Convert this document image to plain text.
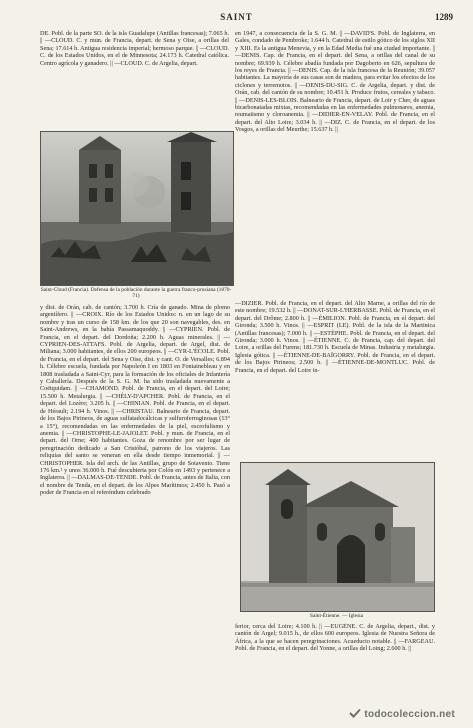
SAINT	1289

DE. Pobl. de la parte SO. de la isla Guadalupe (Antillas francesas); 7.065 h. || —CLOUD. C. y mun. de Francia, depart. de Sena y Oise, a orillas del Sena; 17.614 h. Antigua residencia imperial; hermoso parque. || —CLOUD. C. de los Estados Unidos, en el de Minnesota; 24.173 h. Catedral católica. Centro agrícola y ganadero. || —CLOUD. C. de Argelia, depart.

en 1947, a consecuencia de la S. G. M. || —DAVID'S. Pobl. de Inglaterra, en Gales, condado de Pembroke; 1.644 h. Catedral de estilo gótico de los siglos XII y XIII. Es la antigua Menevia, y en la Edad Media fué una ciudad importante. || —DENIS. Cap. de Francia, en el depart. del Sena, a orillas del canal de su nombre; 69.939 h. Célebre abadía fundada por Dagoberto en 626, sepultura de los reyes de Francia. || —DENIS. Cap. de la isla francesa de la Reunión; 39.057 habitantes. La mayoría de sus casas son de madera, para evitar los efectos de los ciclones y terremotos. || —DENIS-DU-SIG. C. de Argelia, depart. y dist. de Orán, cab. del cantón de su nombre; 10.451 h. Produce frutos, cereales y tabaco. || —DENIS-LES-BLOIS. Balneario de Francia, depart. de Loir y Cher, de aguas bicarbonatadas mixtas, recomendadas en las enfermedades pulmonares, anemia, reumatismo y cloroanemia. || —DIDIER-EN-VELAY. Pobl. de Francia, en el depart. del Alto Loire; 3.034 h. || —DIZ. C. de Francia, en el depart. de los Vosgos, a orillas del Meurthe; 15.637 h. ||

Saint-Cloud (Francia). Defensa de la población durante la guerra franco-prusiana (1870-71)

y dist. de Orán, cab. de cantón; 3.700 h. Cría de ganado. Mina de plomo argentífero. || —CROIX. Río de los Estados Unidos: n. en un lago de su nombre y tras un curso de 158 km. de los que 20 son navegables, des. en Saint-Andrews, en la bahía Passamaquoddy. || —CYPRIEN. Pobl. de Francia, en el depart. del Dordoña; 2.200 h. Aguas minerales. || —CYPRIEN-DES-ATTAFS. Pobl. de Argelia, depart. de Argel, dist. de Miliana; 3.000 habitantes, de ellos 200 europeos. || —CYR-L'ÉCOLE. Pobl. de Francia, en el depart. del Sena y Oise, dist. y cant. O. de Versalles; 6.894 h. Célebre escuela, fundada por Napoleón I en 1803 en Fontainebleau y en 1808 trasladada a Saint-Cyr, para la formación de los oficiales de Infantería y Caballería. Después de la S. G. M. ha sido trasladada nuevamente a Coëtquidam. || —CHAMOND. Pobl. de Francia, en el depart. del Loire; 15.500 h. Metalurgia. || —CHÉLY-D'APCHER. Pobl. de Francia, en el depart. del Lozère; 3.205 h. || —CHINIAN. Pobl. de Francia, en el depart. de Hérault; 2.194 h. Vinos. || —CHRISTAU. Balneario de Francia, depart. de los Bajos Pirineos, de aguas sulfatadocálcicas y sulfuroferruginosas (13° a 15°), recomendadas en las enfermedades de la piel, escrofulismo y anemia. || —CHRISTOPHE-LE-JAJOLET. Pobl. y mun. de Francia, en el depart. del Orne; 400 habitantes. Goza de renombre por ser lugar de peregrinación dedicado a San Cristóbal, patrono de los viajeros. Las reliquias del santo se veneran en ella desde tiempo inmemorial. || —CHRISTOPHER. Isla del arch. de las Antillas, grupo de Sotavento. Tiene 176 km.² y unos 36.000 h. Fué descubierta por Colón en 1493 y pertenece a Inglaterra. || —DALMAS-DE-TENDE. Pobl. de Francia, antes de Italia, con el nombre de Tenda, en el depart. de los Alpes Marítimos; 2.450 h. Pasó a poder de Francia en el referéndum celebrado

—DIZIER. Pobl. de Francia, en el depart. del Alto Marne, a orillas del río de este nombre; 19.532 h. || —DONAT-SUR-L'HERBASSE. Pobl. de Francia, en el depart. del Drôme; 2.800 h. || —ÉMILION. Pobl. de Francia, en el depart. del Gironda; 3.500 h. Vinos. || —ESPRIT (LE). Pobl. de la isla de la Martinica (Antillas francesas); 7.000 h. || —ESTÈPHE. Pobl. de Francia, en el depart. del Gironda; 3.000 h. Vinos. || —ÉTIENNE. C. de Francia, cap. del depart. del Loire, a orillas del Furens; 181.730 h. Escuela de Minas. Industria y metalurgia. Iglesia gótica. || —ÉTIENNE-DE-BAÏGORRY. Pobl. de Francia, en el depart. de los Bajos Pirineos; 2.500 h. || —ÉTIENNE-DE-MONTLUC. Pobl. de Francia, en el depart. del Loire in-

Saint-Étienne. — Iglesia

ferior, cerca del Loire; 4.100 h. || —EUGÈNE. C. de Argelia, depart., dist. y cantón de Argel; 9.015 h., de ellos 600 europeos. Iglesia de Nuestra Señora de África, a la que se hacen peregrinaciones. Acueducto notable. || —FARGEAU. Pobl. de Francia, en el depart. del Yonne, a orillas del Loing; 2.600 h. ||

todocoleccion.net
